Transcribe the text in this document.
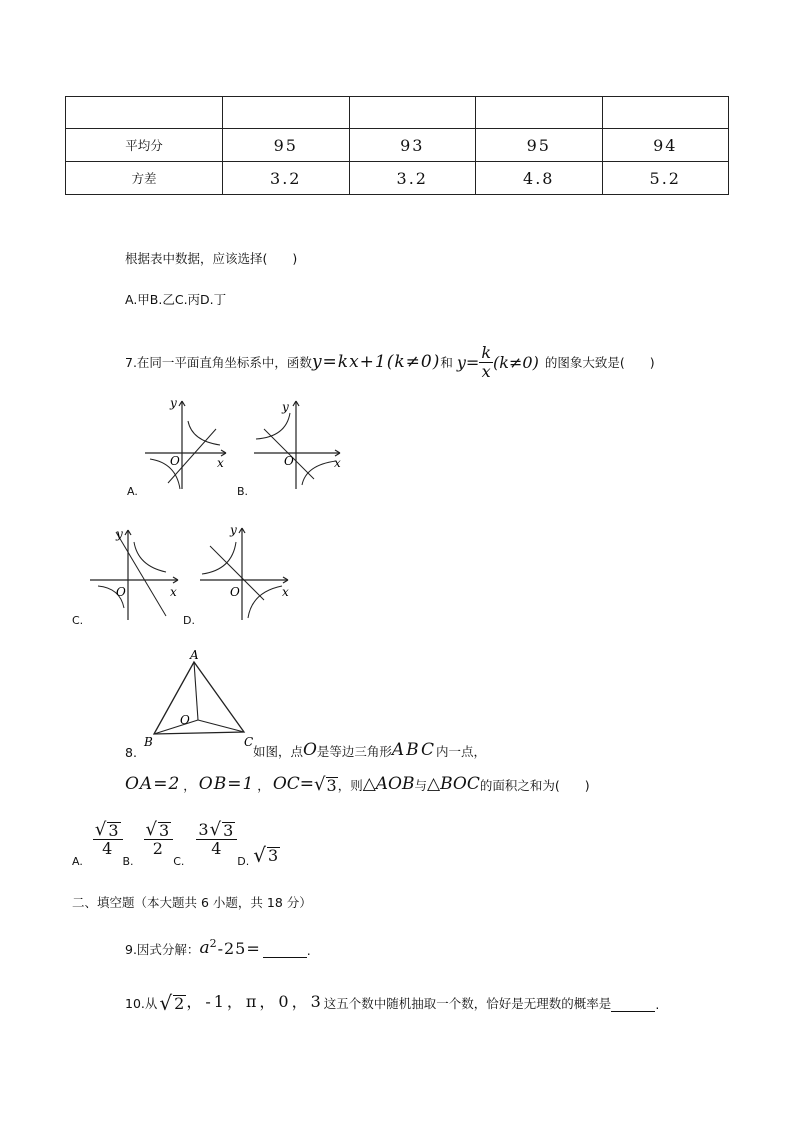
平均分	95	93	95	94
方差	3.2	3.2	4.8	5.2
根据表中数据，应该选择(　　)
A.甲B.乙C.丙D.丁
7.在同一平面直角坐标系中，函数 y=kx+1(k≠0) 和 $y= \frac{k}{x} (k\ne 0)$ 的图象大致是(　　)
y
x
O
A.
y
x
O
B.
y
x
O
C.
y
x
O
D.
A
B	C
O
8.	如图，点 O 是等边三角形 ABC 内一点，
OA=2 ， OB=1 ， OC= √ 3 ，则 △AOB 与 △BOC 的面积之和为(　　)
A.
$\frac{√ 3}{4}$
B.
$\frac{√ 3}{2}$
C.
$\frac{3 √ 3}{4}$
D. √ 3
二、填空题（本大题共 6 小题，共 18 分）
9.因式分解： $a^2$ -25=	.
10.从 √ 2 ，-1，π，0，3 这五个数中随机抽取一个数，恰好是无理数的概率是	.
